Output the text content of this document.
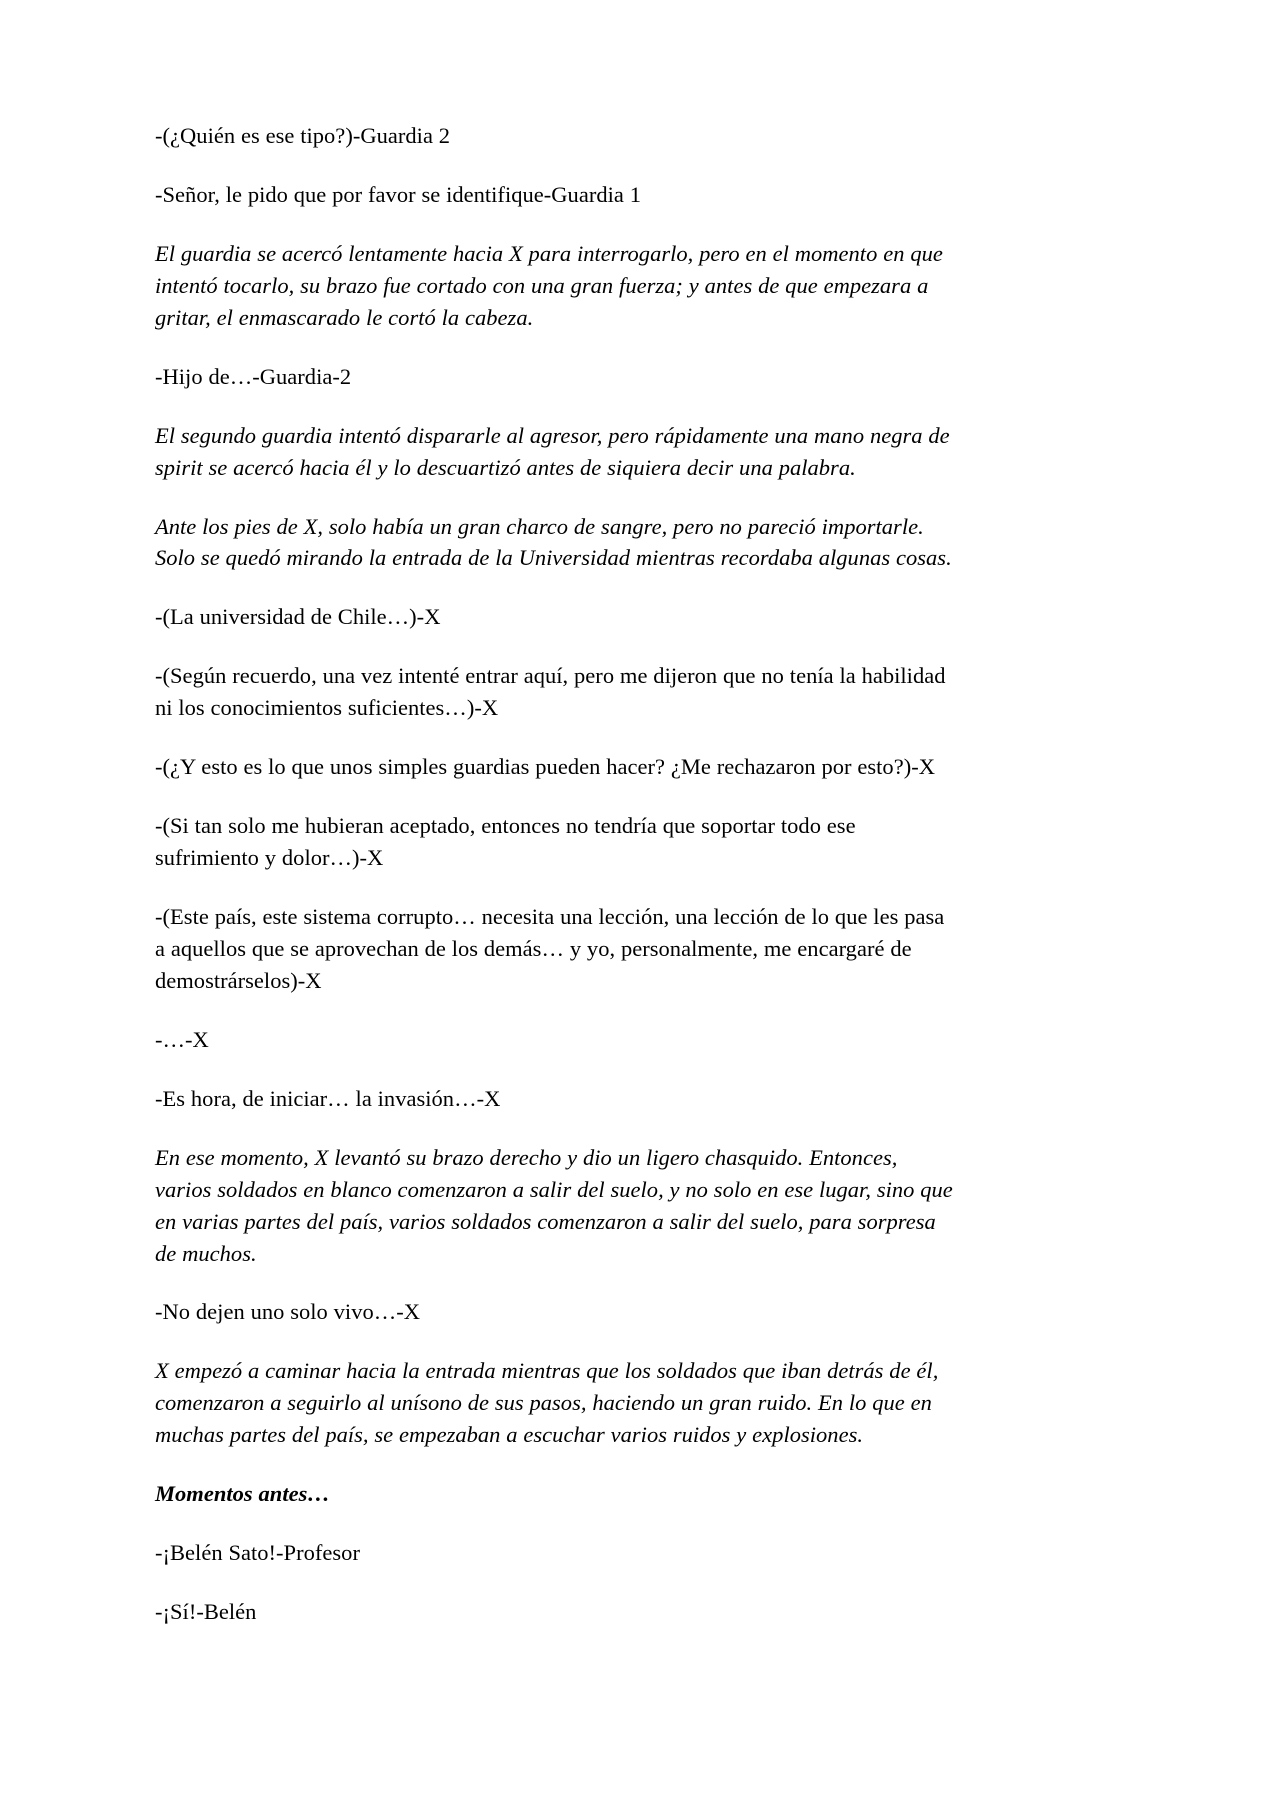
-(¿Quién es ese tipo?)-Guardia 2

-Señor, le pido que por favor se identifique-Guardia 1

El guardia se acercó lentamente hacia X para interrogarlo, pero en el momento en que intentó tocarlo, su brazo fue cortado con una gran fuerza; y antes de que empezara a gritar, el enmascarado le cortó la cabeza.

-Hijo de…-Guardia-2

El segundo guardia intentó dispararle al agresor, pero rápidamente una mano negra de spirit se acercó hacia él y lo descuartizó antes de siquiera decir una palabra.

Ante los pies de X, solo había un gran charco de sangre, pero no pareció importarle. Solo se quedó mirando la entrada de la Universidad mientras recordaba algunas cosas.

-(La universidad de Chile…)-X

-(Según recuerdo, una vez intenté entrar aquí, pero me dijeron que no tenía la habilidad ni los conocimientos suficientes…)-X

-(¿Y esto es lo que unos simples guardias pueden hacer? ¿Me rechazaron por esto?)-X

-(Si tan solo me hubieran aceptado, entonces no tendría que soportar todo ese sufrimiento y dolor…)-X

-(Este país, este sistema corrupto… necesita una lección, una lección de lo que les pasa a aquellos que se aprovechan de los demás… y yo, personalmente, me encargaré de demostrárselos)-X

-…-X

-Es hora, de iniciar… la invasión…-X

En ese momento, X levantó su brazo derecho y dio un ligero chasquido. Entonces, varios soldados en blanco comenzaron a salir del suelo, y no solo en ese lugar, sino que en varias partes del país, varios soldados comenzaron a salir del suelo, para sorpresa de muchos.

-No dejen uno solo vivo…-X

X empezó a caminar hacia la entrada mientras que los soldados que iban detrás de él, comenzaron a seguirlo al unísono de sus pasos, haciendo un gran ruido. En lo que en muchas partes del país, se empezaban a escuchar varios ruidos y explosiones.

Momentos antes…

-¡Belén Sato!-Profesor

-¡Sí!-Belén
